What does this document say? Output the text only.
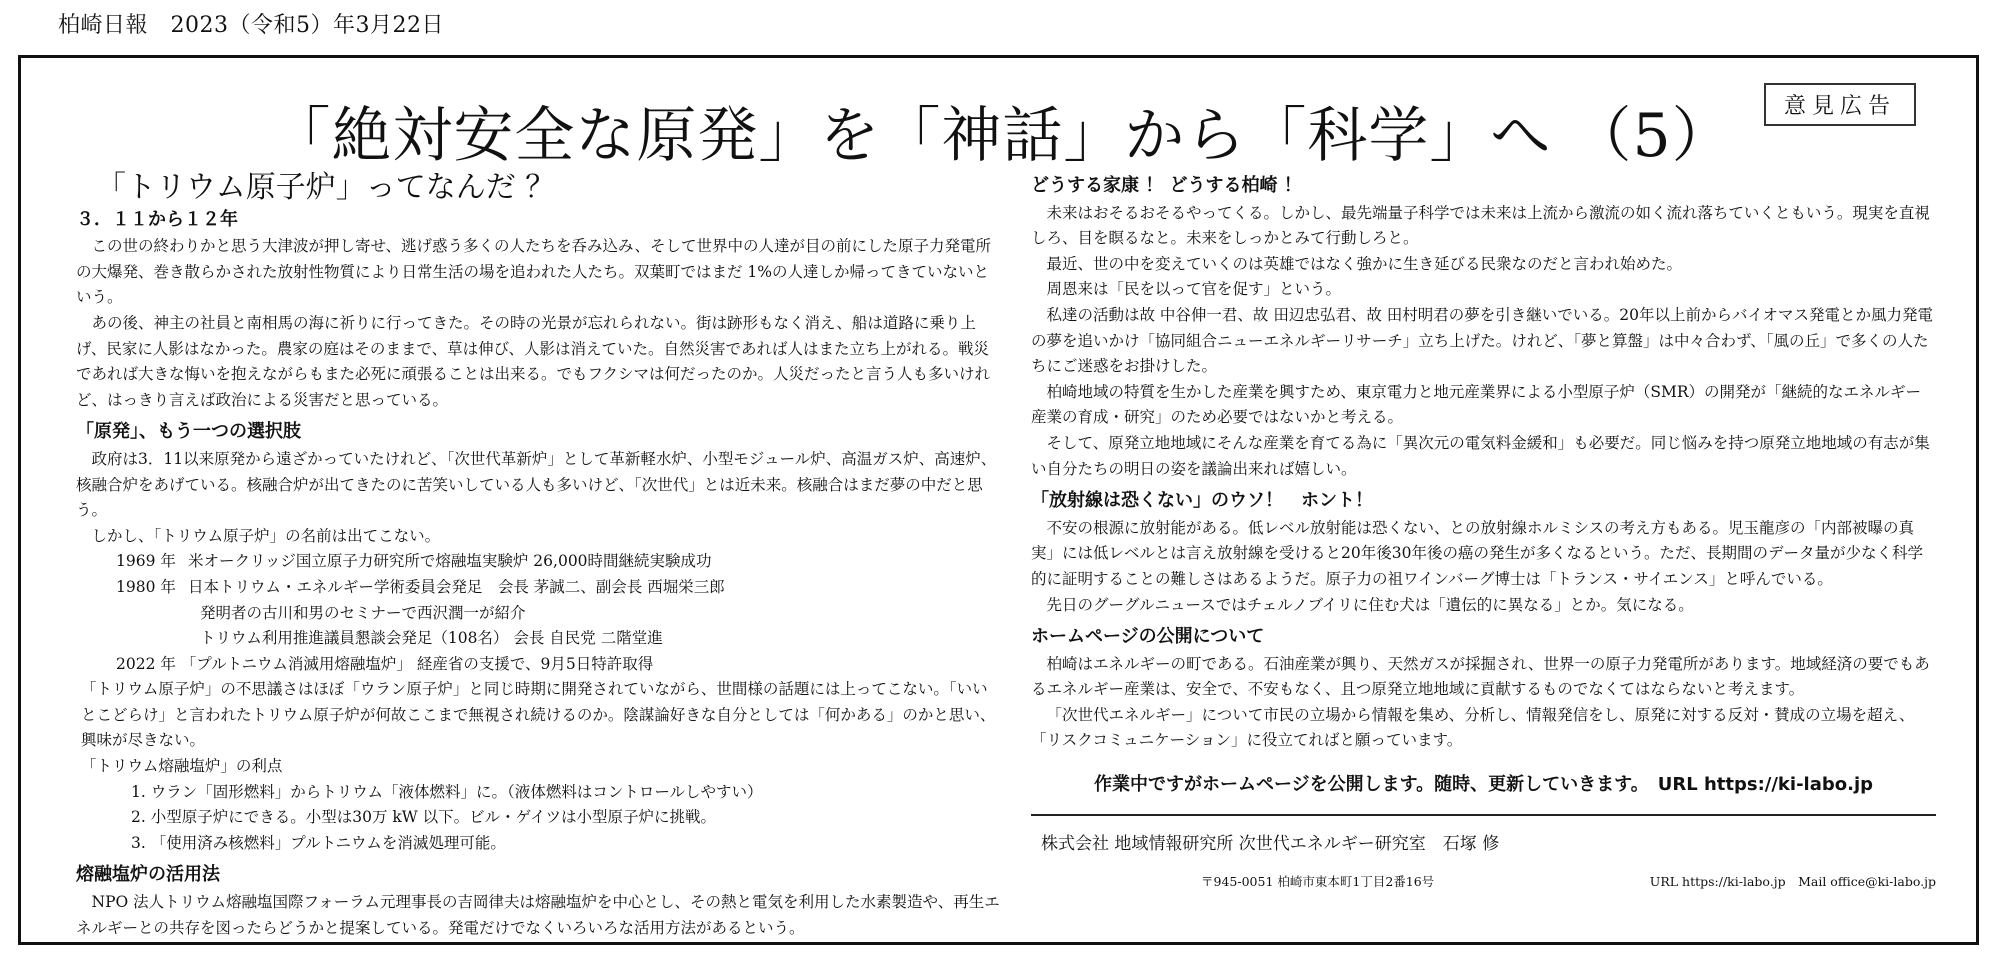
柏崎日報　2023（令和5）年3月22日
「絶対安全な原発」を「神話」から「科学」へ （5）	意見広告
「トリウム原子炉」ってなんだ ？
３．１１から１２年

この世の終わりかと思う大津波が押し寄せ、逃げ惑う多くの人たちを呑み込み、そして世界中の人達が目の前にした原子力発電所の大爆発、巻き散らかされた放射性物質により日常生活の場を追われた人たち。双葉町ではまだ 1%の人達しか帰ってきていないという。

あの後、神主の社員と南相馬の海に祈りに行ってきた。その時の光景が忘れられない。街は跡形もなく消え、船は道路に乗り上げ、民家に人影はなかった。農家の庭はそのままで、草は伸び、人影は消えていた。自然災害であれば人はまた立ち上がれる。戦災であれば大きな悔いを抱えながらもまた必死に頑張ることは出来る。でもフクシマは何だったのか。人災だったと言う人も多いけれど、はっきり言えば政治による災害だと思っている。

「原発」、もう一つの選択肢

政府は3．11以来原発から遠ざかっていたけれど、「次世代革新炉」として革新軽水炉、小型モジュール炉、高温ガス炉、高速炉、核融合炉をあげている。核融合炉が出てきたのに苦笑いしている人も多いけど、「次世代」とは近未来。核融合はまだ夢の中だと思う。

しかし、「トリウム原子炉」の名前は出てこない。

1969 年 米オークリッジ国立原子力研究所で熔融塩実験炉 26,000時間継続実験成功

1980 年 日本トリウム・エネルギー学術委員会発足　会長 茅誠二、副会長 西堀栄三郎

発明者の古川和男のセミナーで西沢潤一が紹介

トリウム利用推進議員懇談会発足（108名） 会長 自民党 二階堂進

2022 年 「プルトニウム消滅用熔融塩炉」 経産省の支援で、9月5日特許取得

「トリウム原子炉」の不思議さはほぼ「ウラン原子炉」と同じ時期に開発されていながら、世間様の話題には上ってこない。「いいとこどらけ」と言われたトリウム原子炉が何故ここまで無視され続けるのか。陰謀論好きな自分としては「何かある」のかと思い、興味が尽きない。

「トリウム熔融塩炉」の利点

1. ウラン「固形燃料」からトリウム「液体燃料」に。（液体燃料はコントロールしやすい）

2. 小型原子炉にできる。小型は30万 kW 以下。ビル・ゲイツは小型原子炉に挑戦。

3. 「使用済み核燃料」プルトニウムを消滅処理可能。

熔融塩炉の活用法

NPO 法人トリウム熔融塩国際フォーラム元理事長の吉岡律夫は熔融塩炉を中心とし、その熱と電気を利用した水素製造や、再生エネルギーとの共存を図ったらどうかと提案している。発電だけでなくいろいろな活用方法があるという。

どうする家康 ！ どうする柏崎 ！

未来はおそるおそるやってくる。しかし、最先端量子科学では未来は上流から激流の如く流れ落ちていくともいう。現実を直視しろ、目を瞑るなと。未来をしっかとみて行動しろと。

最近、世の中を変えていくのは英雄ではなく強かに生き延びる民衆なのだと言われ始めた。

周恩来は「民を以って官を促す」という。

私達の活動は故 中谷伸一君、故 田辺忠弘君、故 田村明君の夢を引き継いでいる。20年以上前からバイオマス発電とか風力発電の夢を追いかけ「協同組合ニューエネルギーリサーチ」立ち上げた。けれど、「夢と算盤」は中々合わず、「風の丘」で多くの人たちにご迷惑をお掛けした。

柏崎地域の特質を生かした産業を興すため、東京電力と地元産業界による小型原子炉（SMR）の開発が「継続的なエネルギー産業の育成・研究」のため必要ではないかと考える。

そして、原発立地地域にそんな産業を育てる為に「異次元の電気料金緩和」も必要だ。同じ悩みを持つ原発立地地域の有志が集い自分たちの明日の姿を議論出来れば嬉しい。

「放射線は恐くない」のウソ！　ホント！

不安の根源に放射能がある。低レベル放射能は恐くない、との放射線ホルミシスの考え方もある。児玉龍彦の「内部被曝の真実」には低レベルとは言え放射線を受けると20年後30年後の癌の発生が多くなるという。ただ、長期間のデータ量が少なく科学的に証明することの難しさはあるようだ。原子力の祖ワインバーグ博士は「トランス・サイエンス」と呼んでいる。

先日のグーグルニュースではチェルノブイリに住む犬は「遺伝的に異なる」とか。気になる。

ホームページの公開について

柏崎はエネルギーの町である。石油産業が興り、天然ガスが採掘され、世界一の原子力発電所があります。地域経済の要でもあるエネルギー産業は、安全で、不安もなく、且つ原発立地地域に貢献するものでなくてはならないと考えます。

「次世代エネルギー」について市民の立場から情報を集め、分析し、情報発信をし、原発に対する反対・賛成の立場を超え、「リスクコミュニケーション」に役立てればと願っています。

作業中ですがホームページを公開します。随時、更新していきます。　URL https://ki-labo.jp
株式会社 地域情報研究所 次世代エネルギー研究室　石塚 修
〒945-0051 柏崎市東本町1丁目2番16号	URL https://ki-labo.jp　Mail office@ki-labo.jp
